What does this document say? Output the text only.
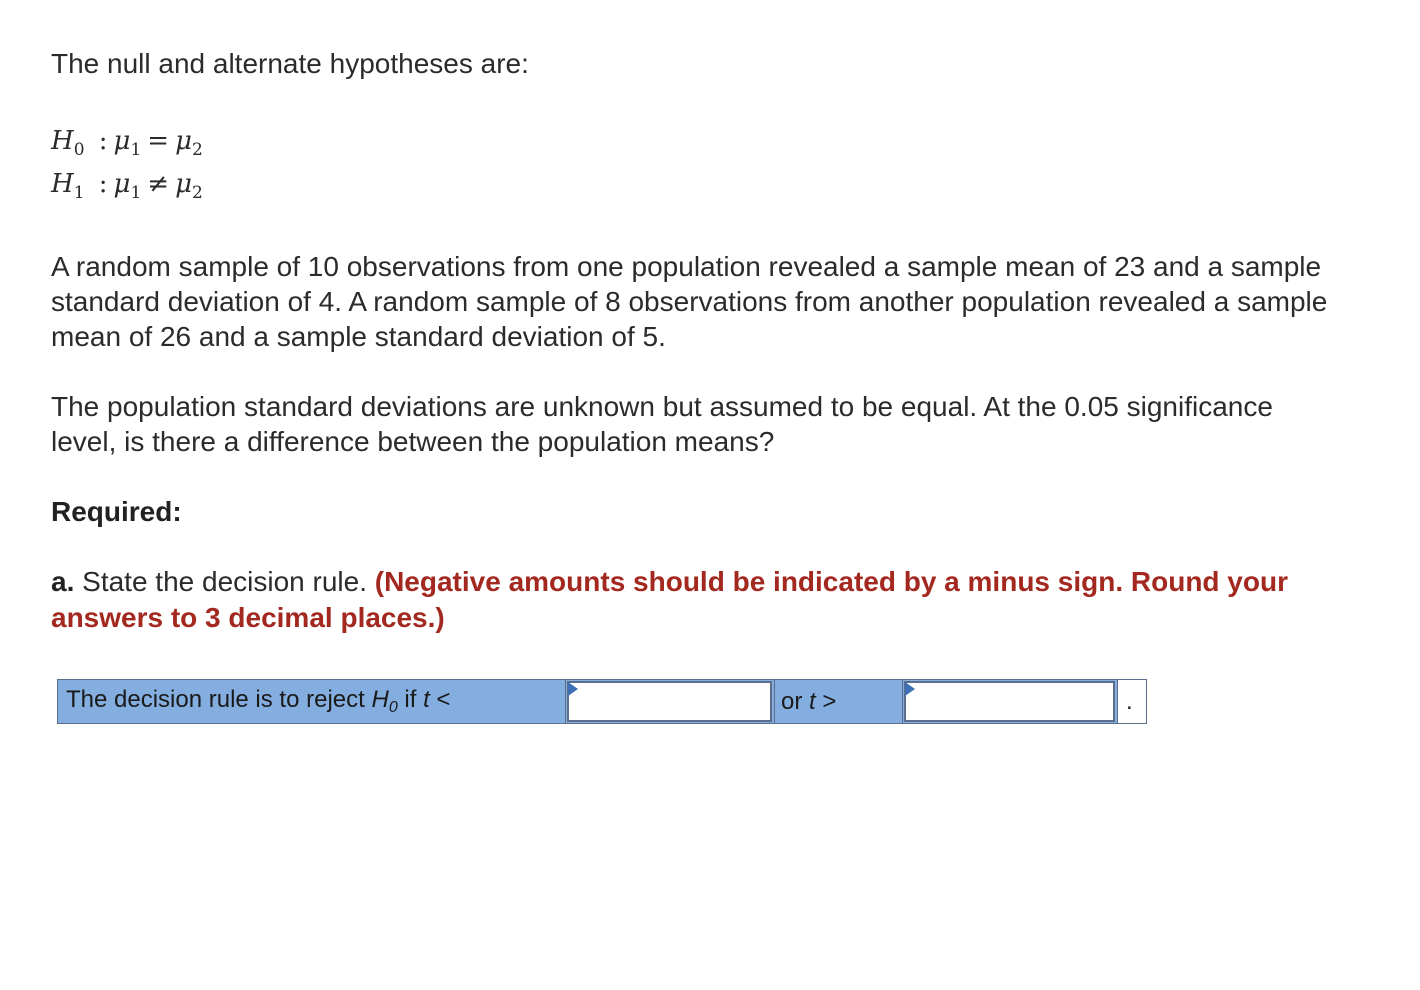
The null and alternate hypotheses are:

$H_0$ : $\mu_1 = \mu_2$
$H_1$ : $\mu_1 \ne \mu_2$

A random sample of 10 observations from one population revealed a sample mean of 23 and a sample standard deviation of 4. A random sample of 8 observations from another population revealed a sample mean of 26 and a sample standard deviation of 5.

The population standard deviations are unknown but assumed to be equal. At the 0.05 significance level, is there a difference between the population means?

Required:

a. State the decision rule. (Negative amounts should be indicated by a minus sign. Round your answers to 3 decimal places.)

The decision rule is to reject $H_0$ if t <	or t >	.
